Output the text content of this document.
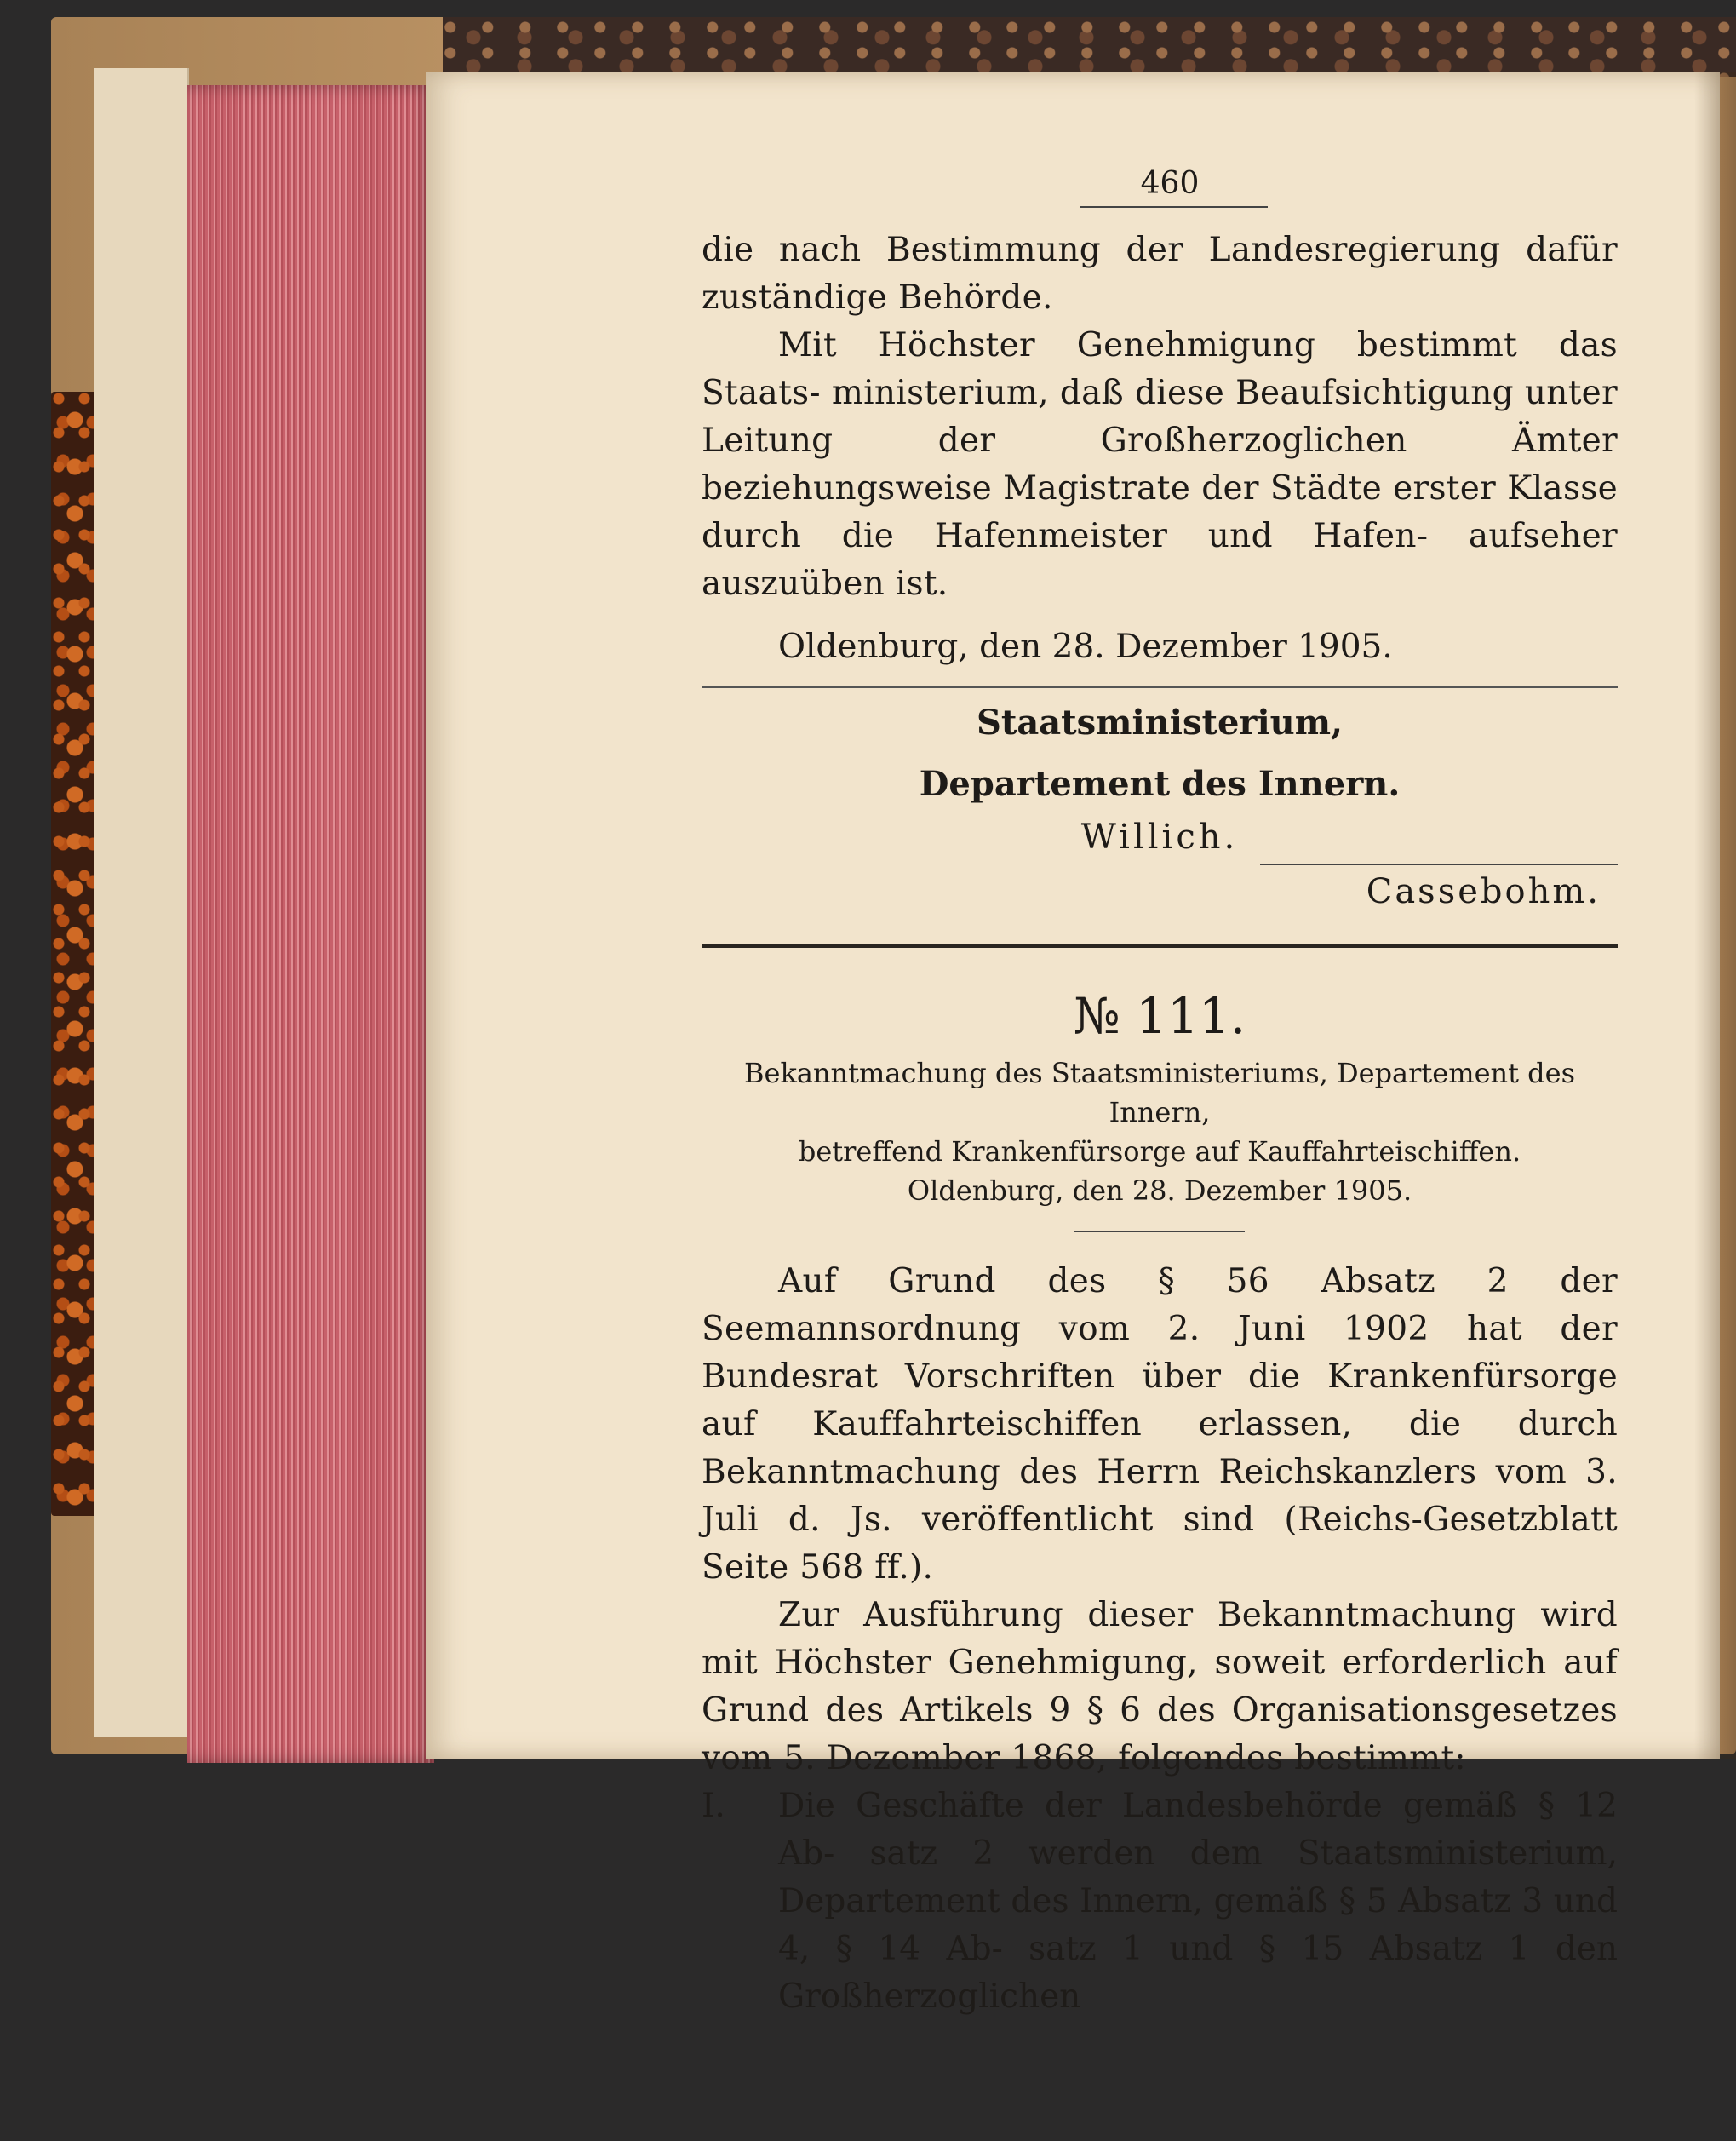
460

die nach Bestimmung der Landesregierung dafür zuständige Behörde.

Mit Höchster Genehmigung bestimmt das Staats- ministerium, daß diese Beaufsichtigung unter Leitung der Großherzoglichen Ämter beziehungsweise Magistrate der Städte erster Klasse durch die Hafenmeister und Hafen- aufseher auszuüben ist.

Oldenburg, den 28. Dezember 1905.
Staatsministerium,
Departement des Innern.
Willich.
Cassebohm.
№ 111.
Bekanntmachung des Staatsministeriums, Departement des Innern,
betreffend Krankenfürsorge auf Kauffahrteischiffen.
Oldenburg, den 28. Dezember 1905.

Auf Grund des § 56 Absatz 2 der Seemannsordnung vom 2. Juni 1902 hat der Bundesrat Vorschriften über die Krankenfürsorge auf Kauffahrteischiffen erlassen, die durch Bekanntmachung des Herrn Reichskanzlers vom 3. Juli d. Js. veröffentlicht sind (Reichs-Gesetzblatt Seite 568 ff.).

Zur Ausführung dieser Bekanntmachung wird mit Höchster Genehmigung, soweit erforderlich auf Grund des Artikels 9 § 6 des Organisationsgesetzes vom 5. Dezember 1868, folgendes bestimmt:

I.	Die Geschäfte der Landesbehörde gemäß § 12 Ab- satz 2 werden dem Staatsministerium, Departement des Innern, gemäß § 5 Absatz 3 und 4, § 14 Ab- satz 1 und § 15 Absatz 1 den Großherzoglichen
